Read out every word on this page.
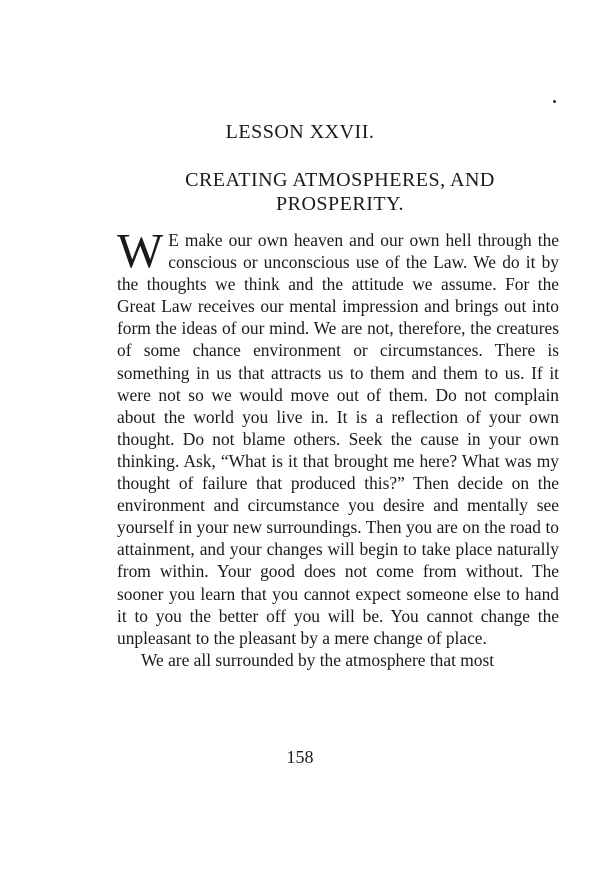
LESSON XXVII.
CREATING ATMOSPHERES, AND PROSPERITY.

WE make our own heaven and our own hell through the conscious or unconscious use of the Law. We do it by the thoughts we think and the attitude we assume. For the Great Law receives our mental impression and brings out into form the ideas of our mind. We are not, therefore, the creatures of some chance environment or circumstances. There is something in us that attracts us to them and them to us. If it were not so we would move out of them. Do not complain about the world you live in. It is a reflection of your own thought. Do not blame others. Seek the cause in your own thinking. Ask, “What is it that brought me here? What was my thought of failure that produced this?” Then decide on the environment and circumstance you desire and mentally see yourself in your new surroundings. Then you are on the road to attainment, and your changes will begin to take place naturally from within. Your good does not come from without. The sooner you learn that you cannot expect someone else to hand it to you the better off you will be. You cannot change the unpleasant to the pleasant by a mere change of place.

We are all surrounded by the atmosphere that most

158
